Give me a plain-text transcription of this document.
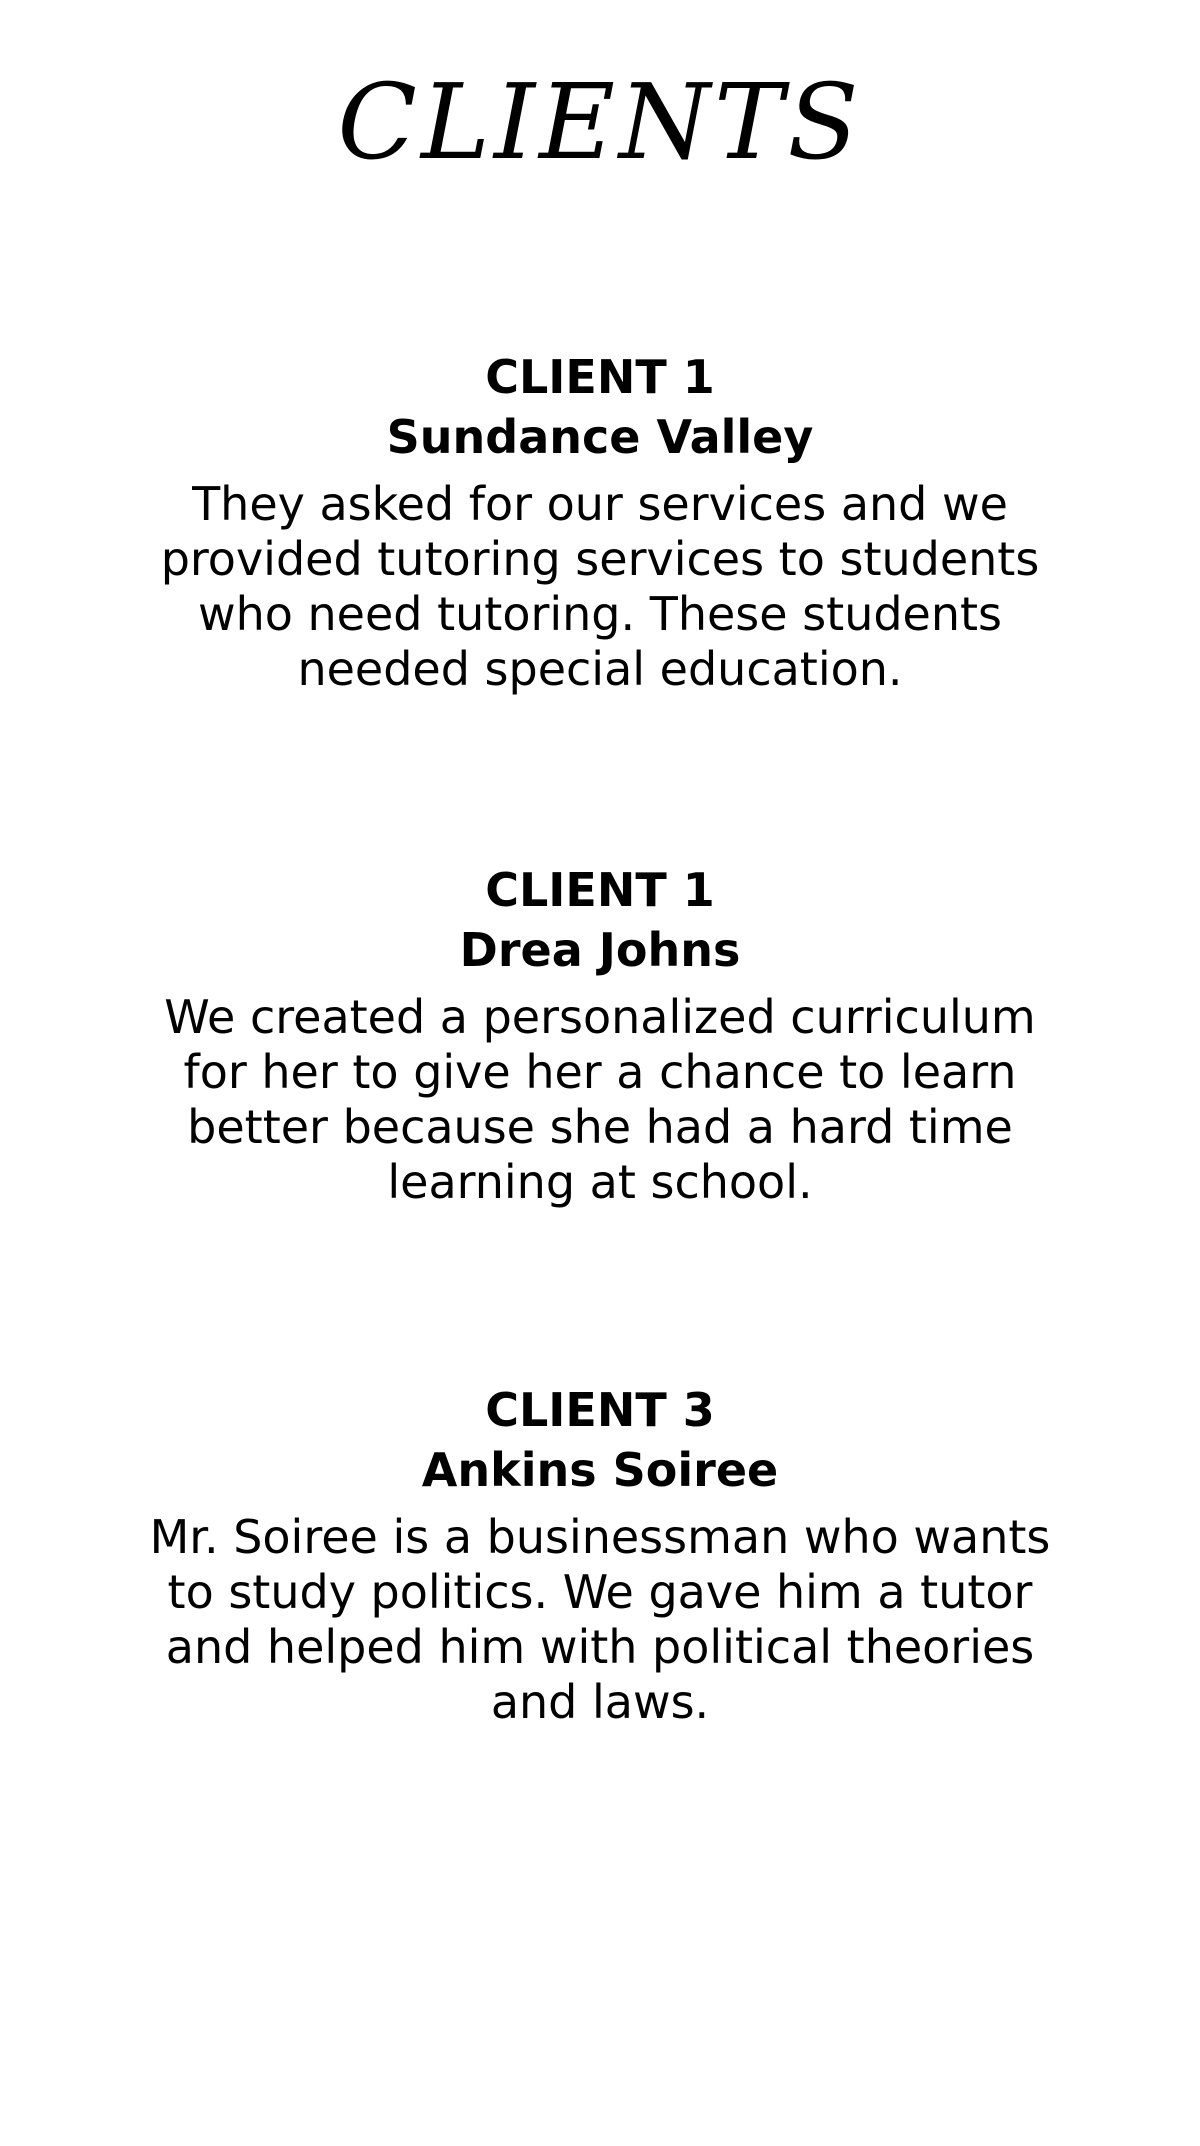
CLIENTS
CLIENT 1
Sundance Valley

They asked for our services and we provided tutoring services to students who need tutoring. These students needed special education.

CLIENT 1
Drea Johns

We created a personalized curriculum for her to give her a chance to learn better because she had a hard time learning at school.

CLIENT 3
Ankins Soiree

Mr. Soiree is a businessman who wants to study politics. We gave him a tutor and helped him with political theories and laws.
